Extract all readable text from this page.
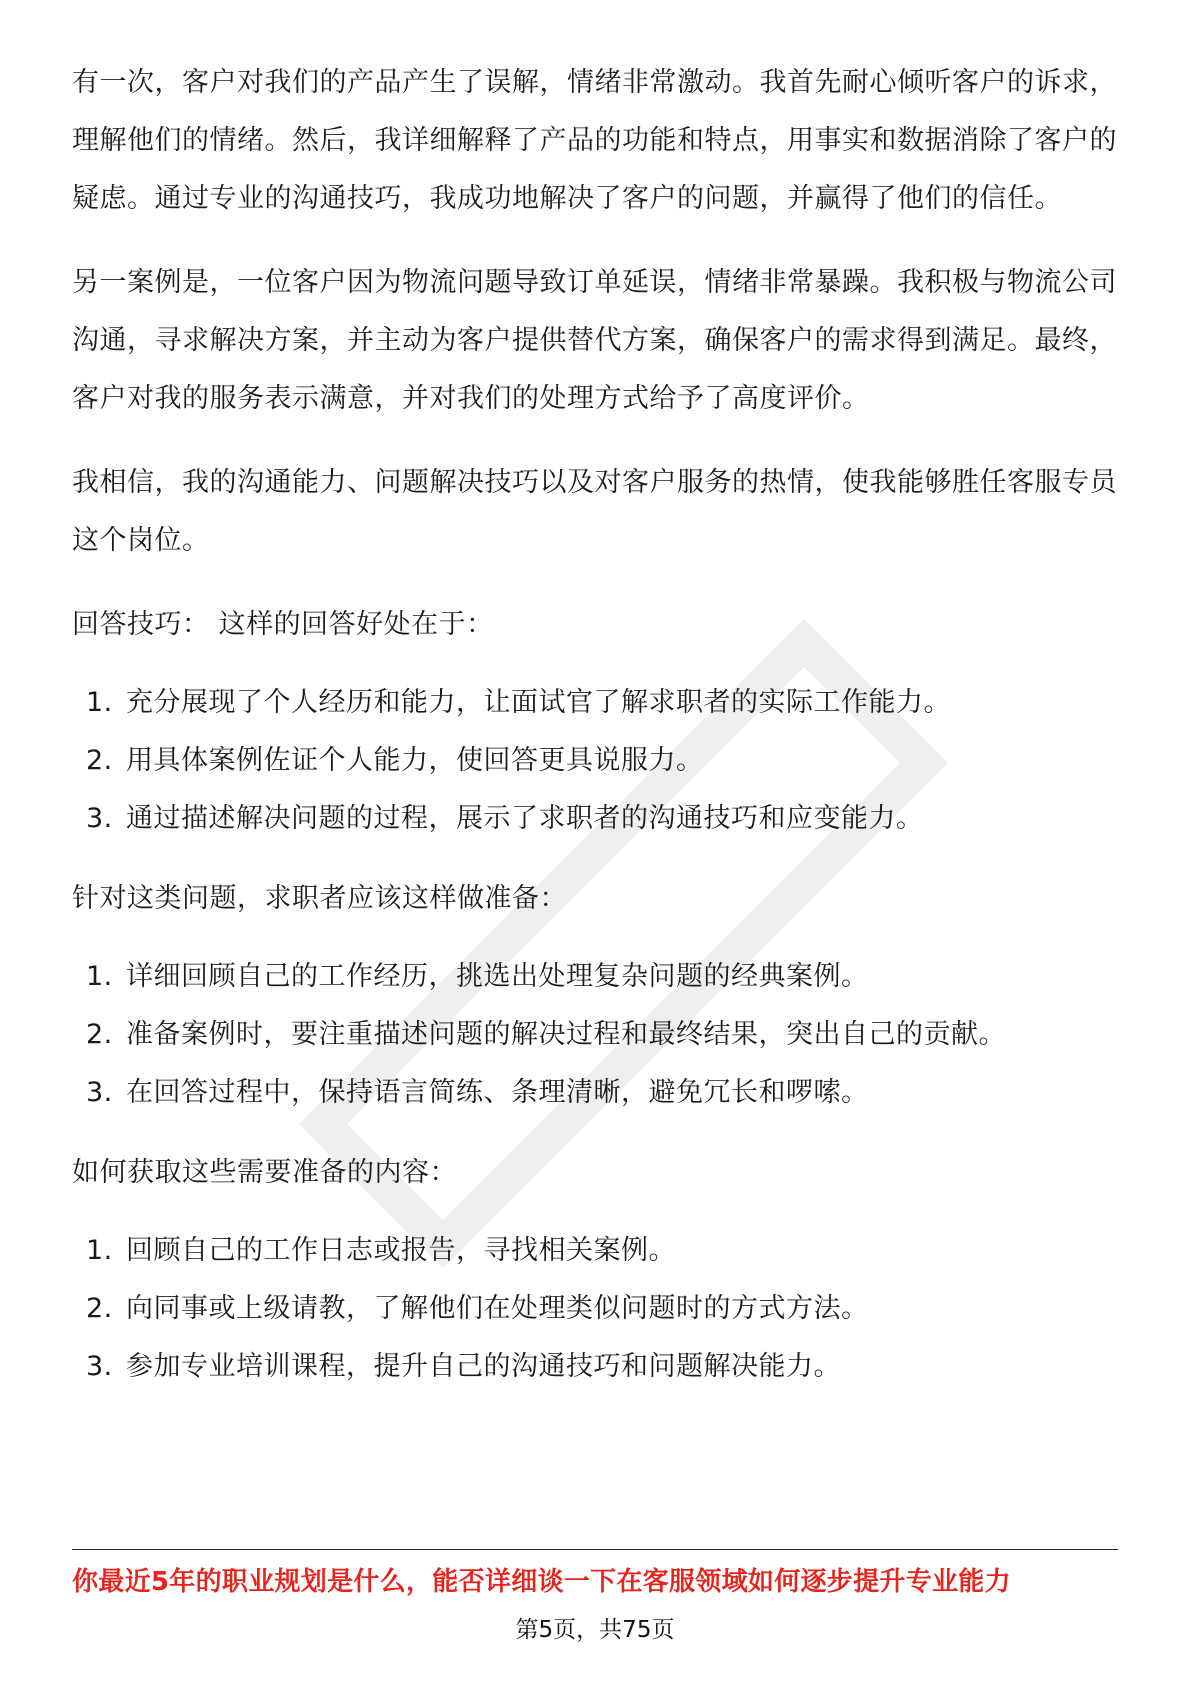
有一次，客户对我们的产品产生了误解，情绪非常激动。我首先耐心倾听客户的诉求，理解他们的情绪。然后，我详细解释了产品的功能和特点，用事实和数据消除了客户的疑虑。通过专业的沟通技巧，我成功地解决了客户的问题，并赢得了他们的信任。

另一案例是，一位客户因为物流问题导致订单延误，情绪非常暴躁。我积极与物流公司沟通，寻求解决方案，并主动为客户提供替代方案，确保客户的需求得到满足。最终，客户对我的服务表示满意，并对我们的处理方式给予了高度评价。

我相信，我的沟通能力、问题解决技巧以及对客户服务的热情，使我能够胜任客服专员这个岗位。

回答技巧： 这样的回答好处在于：

1. 充分展现了个人经历和能力，让面试官了解求职者的实际工作能力。
2. 用具体案例佐证个人能力，使回答更具说服力。
3. 通过描述解决问题的过程，展示了求职者的沟通技巧和应变能力。

针对这类问题，求职者应该这样做准备：

1. 详细回顾自己的工作经历，挑选出处理复杂问题的经典案例。
2. 准备案例时，要注重描述问题的解决过程和最终结果，突出自己的贡献。
3. 在回答过程中，保持语言简练、条理清晰，避免冗长和啰嗦。

如何获取这些需要准备的内容：

1. 回顾自己的工作日志或报告，寻找相关案例。
2. 向同事或上级请教，了解他们在处理类似问题时的方式方法。
3. 参加专业培训课程，提升自己的沟通技巧和问题解决能力。
你最近5年的职业规划是什么，能否详细谈一下在客服领域如何逐步提升专业能力
第5页，共75页
